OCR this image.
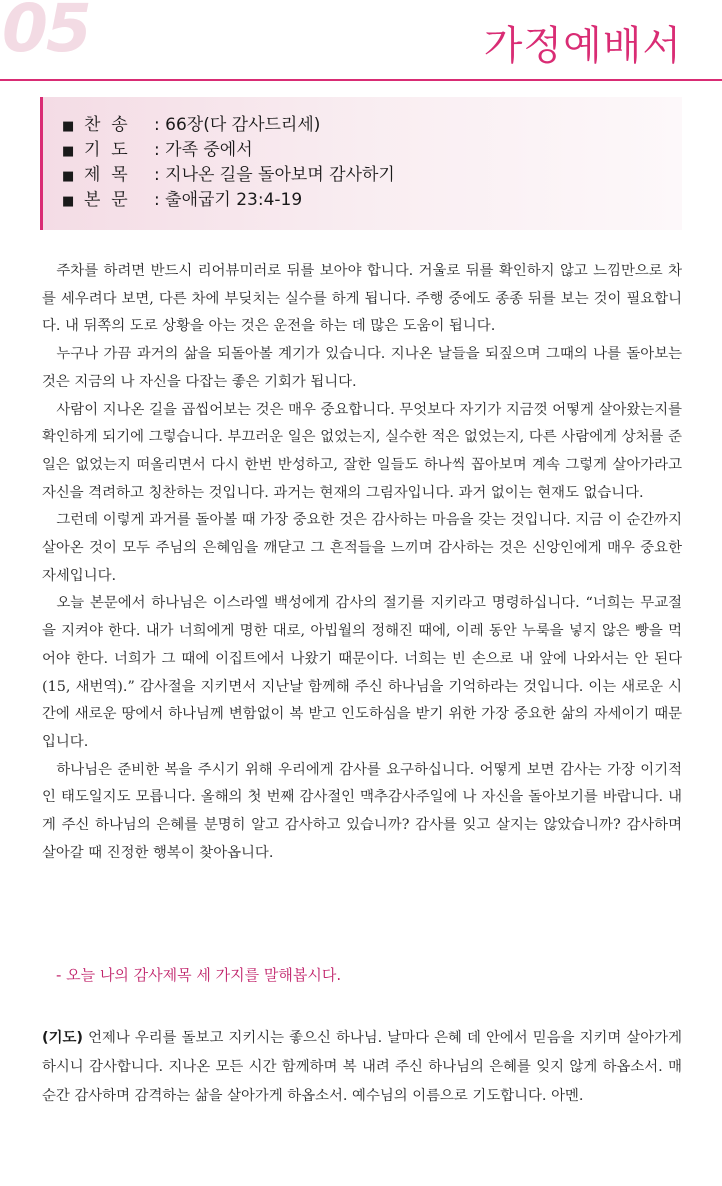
05	가정예배서
■ 찬  송 : 66장(다 감사드리세)
■ 기  도 : 가족 중에서
■ 제  목 : 지나온 길을 돌아보며 감사하기
■ 본  문 : 출애굽기 23:4-19

주차를 하려면 반드시 리어뷰미러로 뒤를 보아야 합니다. 거울로 뒤를 확인하지 않고 느낌만으로 차를 세우려다 보면, 다른 차에 부딪치는 실수를 하게 됩니다. 주행 중에도 종종 뒤를 보는 것이 필요합니다. 내 뒤쪽의 도로 상황을 아는 것은 운전을 하는 데 많은 도움이 됩니다.

누구나 가끔 과거의 삶을 되돌아볼 계기가 있습니다. 지나온 날들을 되짚으며 그때의 나를 돌아보는 것은 지금의 나 자신을 다잡는 좋은 기회가 됩니다.

사람이 지나온 길을 곱씹어보는 것은 매우 중요합니다. 무엇보다 자기가 지금껏 어떻게 살아왔는지를 확인하게 되기에 그렇습니다. 부끄러운 일은 없었는지, 실수한 적은 없었는지, 다른 사람에게 상처를 준 일은 없었는지 떠올리면서 다시 한번 반성하고, 잘한 일들도 하나씩 꼽아보며 계속 그렇게 살아가라고 자신을 격려하고 칭찬하는 것입니다. 과거는 현재의 그림자입니다. 과거 없이는 현재도 없습니다.

그런데 이렇게 과거를 돌아볼 때 가장 중요한 것은 감사하는 마음을 갖는 것입니다. 지금 이 순간까지 살아온 것이 모두 주님의 은혜임을 깨닫고 그 흔적들을 느끼며 감사하는 것은 신앙인에게 매우 중요한 자세입니다.

오늘 본문에서 하나님은 이스라엘 백성에게 감사의 절기를 지키라고 명령하십니다. “너희는 무교절을 지켜야 한다. 내가 너희에게 명한 대로, 아빕월의 정해진 때에, 이레 동안 누룩을 넣지 않은 빵을 먹어야 한다. 너희가 그 때에 이집트에서 나왔기 때문이다. 너희는 빈 손으로 내 앞에 나와서는 안 된다(15, 새번역).” 감사절을 지키면서 지난날 함께해 주신 하나님을 기억하라는 것입니다. 이는 새로운 시간에 새로운 땅에서 하나님께 변함없이 복 받고 인도하심을 받기 위한 가장 중요한 삶의 자세이기 때문입니다.

하나님은 준비한 복을 주시기 위해 우리에게 감사를 요구하십니다. 어떻게 보면 감사는 가장 이기적인 태도일지도 모릅니다. 올해의 첫 번째 감사절인 맥추감사주일에 나 자신을 돌아보기를 바랍니다. 내게 주신 하나님의 은혜를 분명히 알고 감사하고 있습니까? 감사를 잊고 살지는 않았습니까? 감사하며 살아갈 때 진정한 행복이 찾아옵니다.

- 오늘 나의 감사제목 세 가지를 말해봅시다.

(기도) 언제나 우리를 돌보고 지키시는 좋으신 하나님. 날마다 은혜 데 안에서 믿음을 지키며 살아가게 하시니 감사합니다. 지나온 모든 시간 함께하며 복 내려 주신 하나님의 은혜를 잊지 않게 하옵소서. 매 순간 감사하며 감격하는 삶을 살아가게 하옵소서. 예수님의 이름으로 기도합니다. 아멘.
